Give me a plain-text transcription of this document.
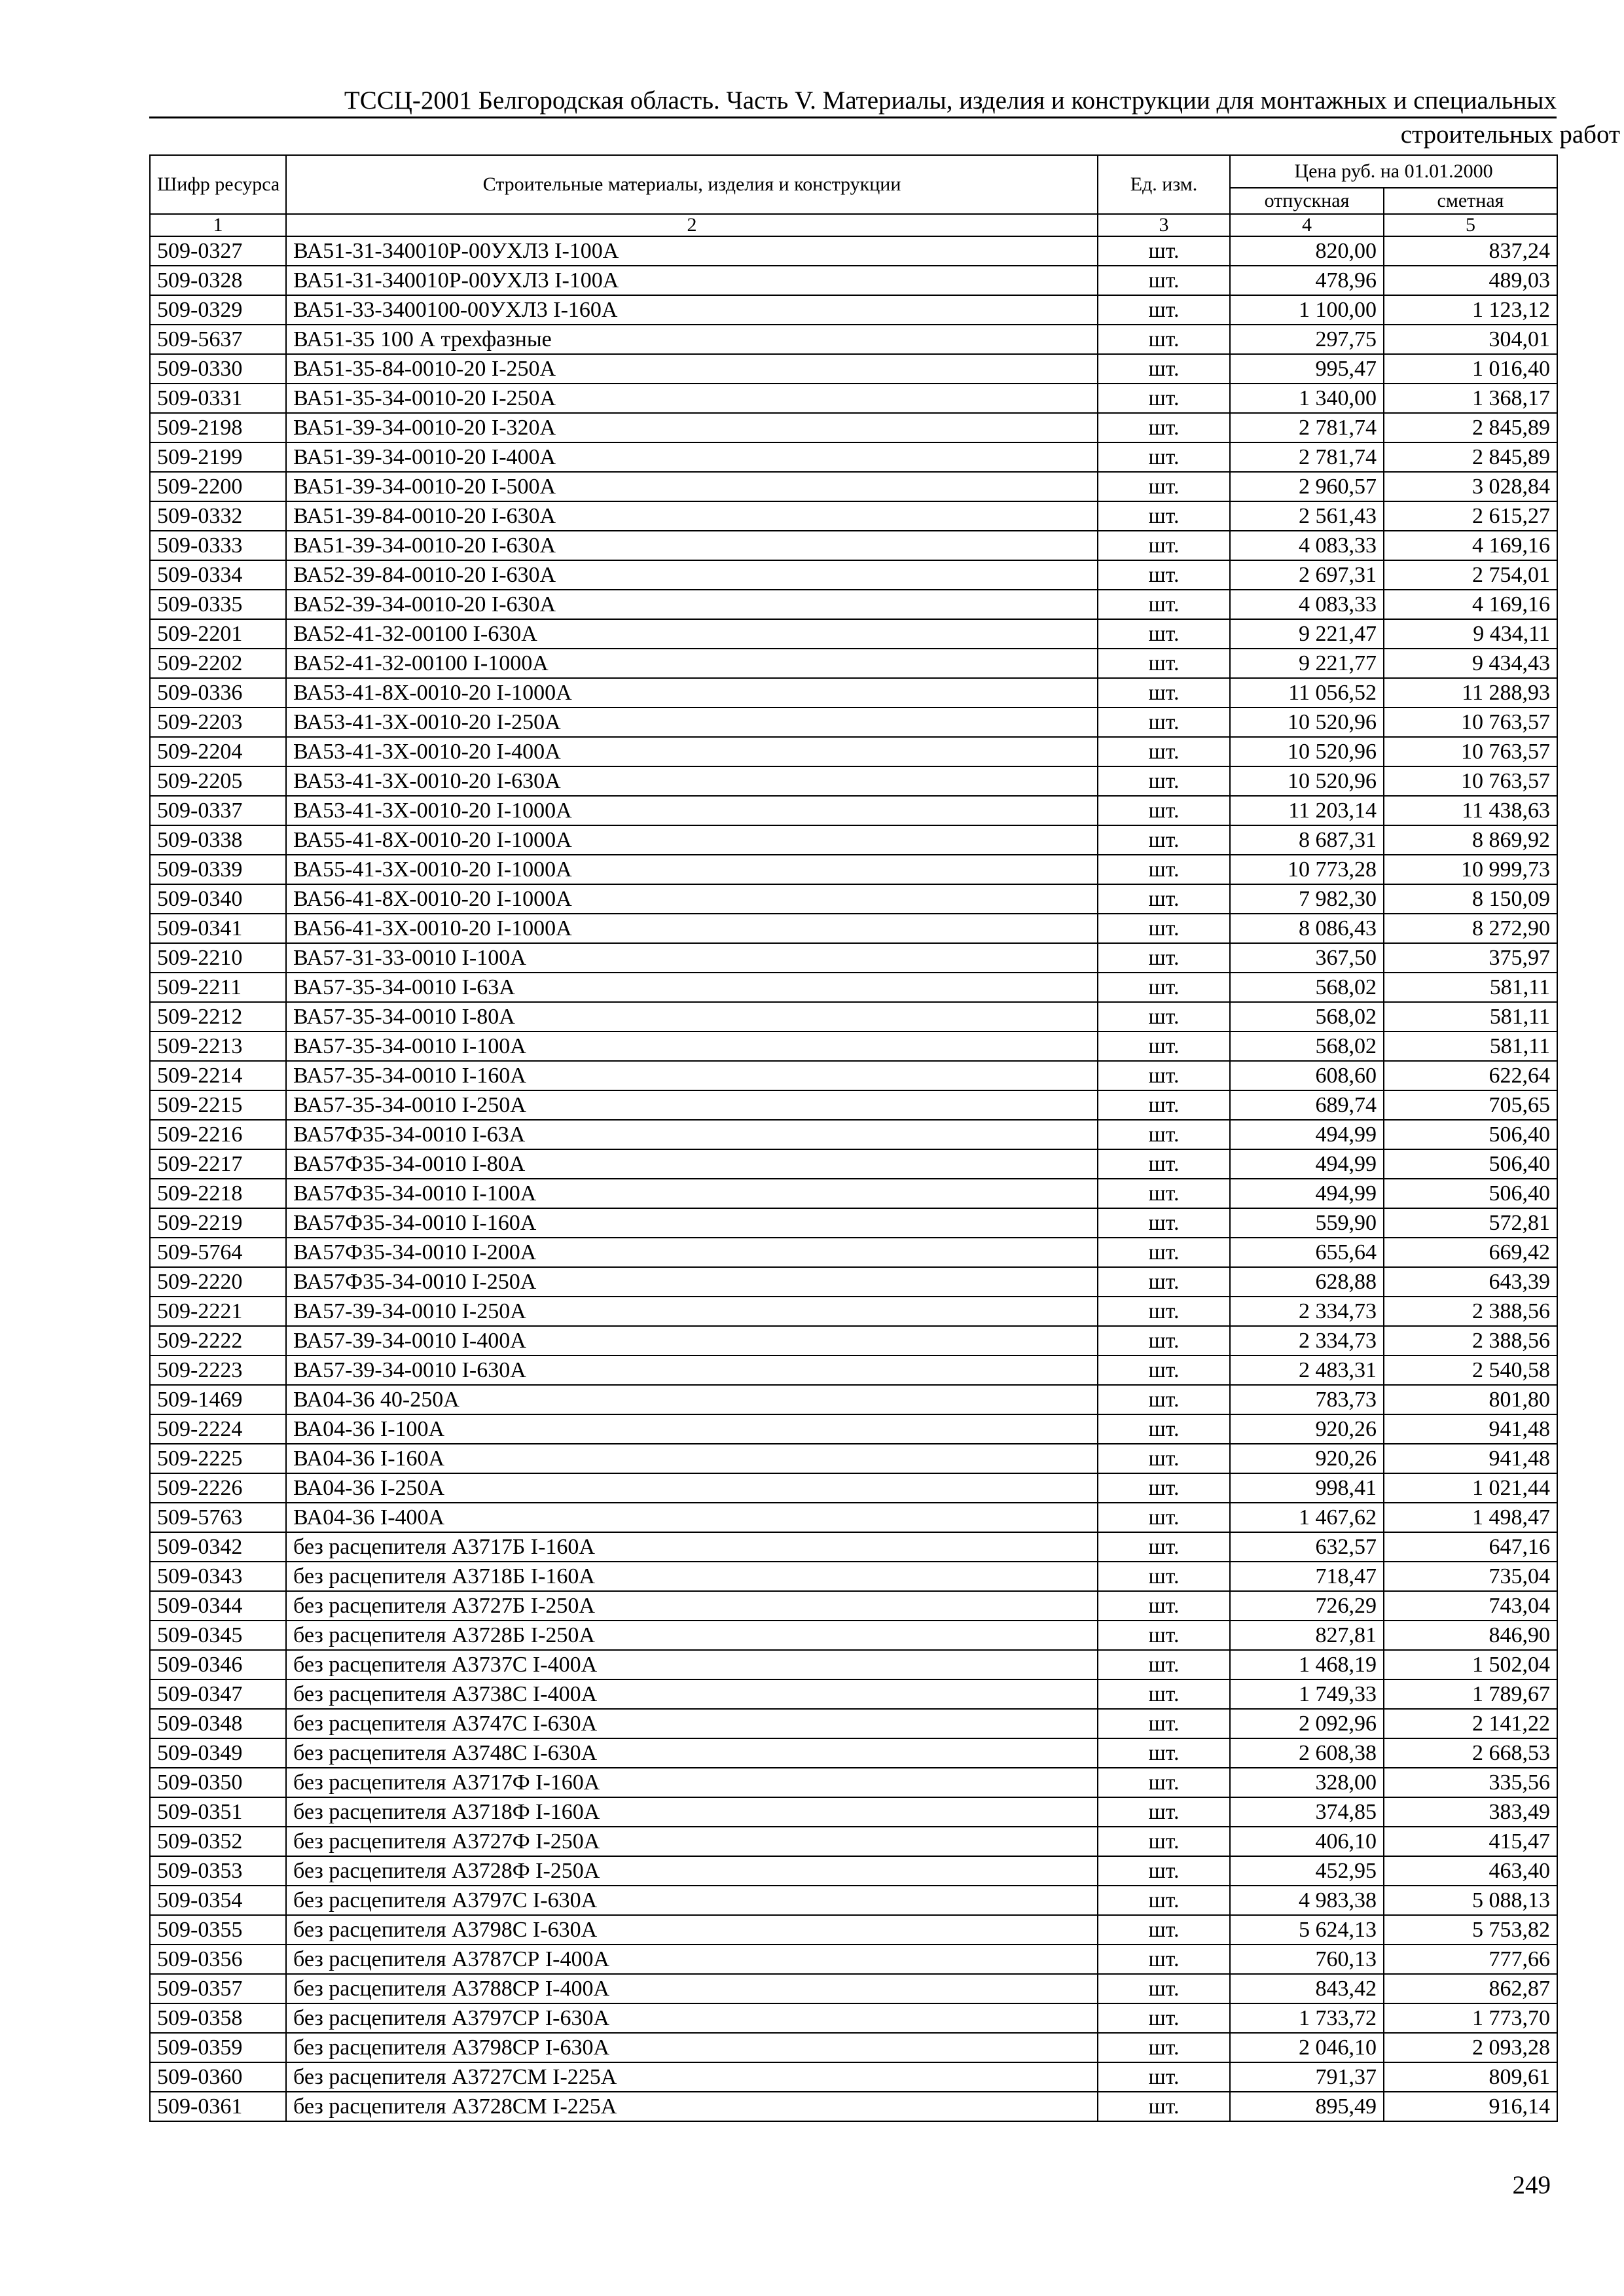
ТССЦ-2001 Белгородская область. Часть V. Материалы, изделия и конструкции для монтажных и специальных
строительных работ
Шифр ресурса	Строительные материалы, изделия и конструкции	Ед. изм.	Цена руб. на 01.01.2000	
			отпускная	сметная
1	2	3	4	5
509-0327	ВА51-31-340010Р-00УХЛ3 I-100А	шт.	820,00	837,24
509-0328	ВА51-31-340010Р-00УХЛ3 I-100А	шт.	478,96	489,03
509-0329	ВА51-33-3400100-00УХЛ3 I-160А	шт.	1 100,00	1 123,12
509-5637	ВА51-35 100 А трехфазные	шт.	297,75	304,01
509-0330	ВА51-35-84-0010-20 I-250А	шт.	995,47	1 016,40
509-0331	ВА51-35-34-0010-20 I-250А	шт.	1 340,00	1 368,17
509-2198	ВА51-39-34-0010-20 I-320А	шт.	2 781,74	2 845,89
509-2199	ВА51-39-34-0010-20 I-400А	шт.	2 781,74	2 845,89
509-2200	ВА51-39-34-0010-20 I-500А	шт.	2 960,57	3 028,84
509-0332	ВА51-39-84-0010-20 I-630А	шт.	2 561,43	2 615,27
509-0333	ВА51-39-34-0010-20 I-630А	шт.	4 083,33	4 169,16
509-0334	ВА52-39-84-0010-20 I-630А	шт.	2 697,31	2 754,01
509-0335	ВА52-39-34-0010-20 I-630А	шт.	4 083,33	4 169,16
509-2201	ВА52-41-32-00100 I-630А	шт.	9 221,47	9 434,11
509-2202	ВА52-41-32-00100 I-1000А	шт.	9 221,77	9 434,43
509-0336	ВА53-41-8Х-0010-20 I-1000А	шт.	11 056,52	11 288,93
509-2203	ВА53-41-3Х-0010-20 I-250А	шт.	10 520,96	10 763,57
509-2204	ВА53-41-3Х-0010-20 I-400А	шт.	10 520,96	10 763,57
509-2205	ВА53-41-3Х-0010-20 I-630А	шт.	10 520,96	10 763,57
509-0337	ВА53-41-3Х-0010-20 I-1000А	шт.	11 203,14	11 438,63
509-0338	ВА55-41-8Х-0010-20 I-1000А	шт.	8 687,31	8 869,92
509-0339	ВА55-41-3Х-0010-20 I-1000А	шт.	10 773,28	10 999,73
509-0340	ВА56-41-8Х-0010-20 I-1000А	шт.	7 982,30	8 150,09
509-0341	ВА56-41-3Х-0010-20 I-1000А	шт.	8 086,43	8 272,90
509-2210	ВА57-31-33-0010 I-100А	шт.	367,50	375,97
509-2211	ВА57-35-34-0010 I-63А	шт.	568,02	581,11
509-2212	ВА57-35-34-0010 I-80А	шт.	568,02	581,11
509-2213	ВА57-35-34-0010 I-100А	шт.	568,02	581,11
509-2214	ВА57-35-34-0010 I-160А	шт.	608,60	622,64
509-2215	ВА57-35-34-0010 I-250А	шт.	689,74	705,65
509-2216	ВА57Ф35-34-0010 I-63А	шт.	494,99	506,40
509-2217	ВА57Ф35-34-0010 I-80А	шт.	494,99	506,40
509-2218	ВА57Ф35-34-0010 I-100А	шт.	494,99	506,40
509-2219	ВА57Ф35-34-0010 I-160А	шт.	559,90	572,81
509-5764	ВА57Ф35-34-0010 I-200А	шт.	655,64	669,42
509-2220	ВА57Ф35-34-0010 I-250А	шт.	628,88	643,39
509-2221	ВА57-39-34-0010 I-250А	шт.	2 334,73	2 388,56
509-2222	ВА57-39-34-0010 I-400А	шт.	2 334,73	2 388,56
509-2223	ВА57-39-34-0010 I-630А	шт.	2 483,31	2 540,58
509-1469	ВА04-36 40-250А	шт.	783,73	801,80
509-2224	ВА04-36 I-100А	шт.	920,26	941,48
509-2225	ВА04-36 I-160А	шт.	920,26	941,48
509-2226	ВА04-36 I-250А	шт.	998,41	1 021,44
509-5763	ВА04-36 I-400А	шт.	1 467,62	1 498,47
509-0342	без расцепителя А3717Б I-160А	шт.	632,57	647,16
509-0343	без расцепителя А3718Б I-160А	шт.	718,47	735,04
509-0344	без расцепителя А3727Б I-250А	шт.	726,29	743,04
509-0345	без расцепителя А3728Б I-250А	шт.	827,81	846,90
509-0346	без расцепителя А3737С I-400А	шт.	1 468,19	1 502,04
509-0347	без расцепителя А3738С I-400А	шт.	1 749,33	1 789,67
509-0348	без расцепителя А3747С I-630А	шт.	2 092,96	2 141,22
509-0349	без расцепителя А3748С I-630А	шт.	2 608,38	2 668,53
509-0350	без расцепителя А3717Ф I-160А	шт.	328,00	335,56
509-0351	без расцепителя А3718Ф I-160А	шт.	374,85	383,49
509-0352	без расцепителя А3727Ф I-250А	шт.	406,10	415,47
509-0353	без расцепителя А3728Ф I-250А	шт.	452,95	463,40
509-0354	без расцепителя А3797С I-630А	шт.	4 983,38	5 088,13
509-0355	без расцепителя А3798С I-630А	шт.	5 624,13	5 753,82
509-0356	без расцепителя А3787СР I-400А	шт.	760,13	777,66
509-0357	без расцепителя А3788СР I-400А	шт.	843,42	862,87
509-0358	без расцепителя А3797СР I-630А	шт.	1 733,72	1 773,70
509-0359	без расцепителя А3798СР I-630А	шт.	2 046,10	2 093,28
509-0360	без расцепителя А3727СМ I-225А	шт.	791,37	809,61
509-0361	без расцепителя А3728СМ I-225А	шт.	895,49	916,14
249
